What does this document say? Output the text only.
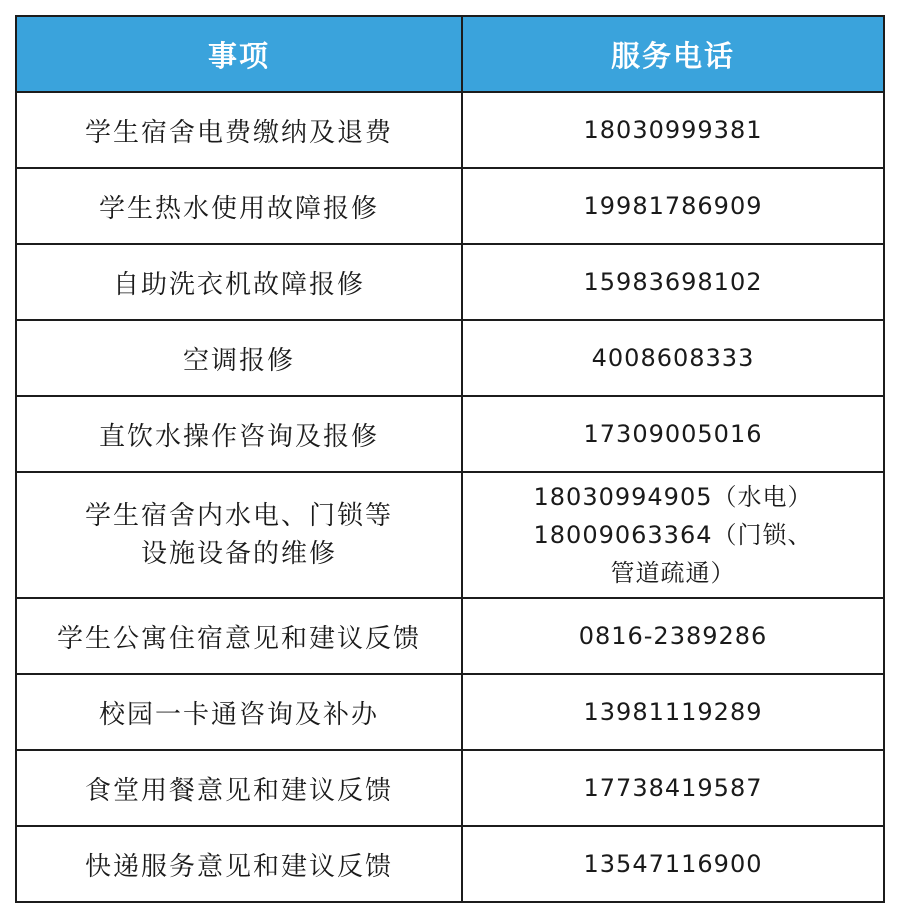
事项	服务电话
学生宿舍电费缴纳及退费	18030999381
学生热水使用故障报修	19981786909
自助洗衣机故障报修	15983698102
空调报修	4008608333
直饮水操作咨询及报修	17309005016

学生宿舍内水电、门锁等
设施设备的维修	18030994905（水电）
18009063364（门锁、
管道疏通）

学生公寓住宿意见和建议反馈	0816-2389286
校园一卡通咨询及补办	13981119289
食堂用餐意见和建议反馈	17738419587
快递服务意见和建议反馈	13547116900
